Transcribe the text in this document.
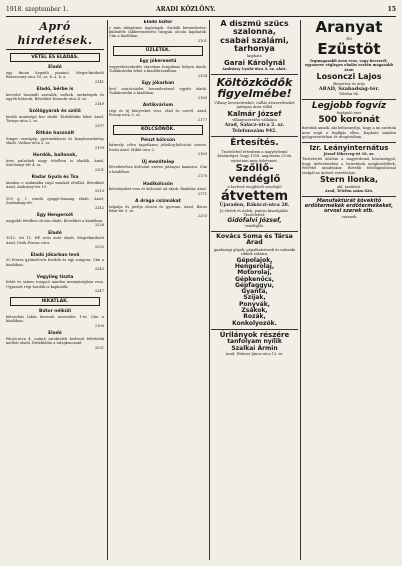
1918. szeptember 1.	ARADI KÖZLÖNY.	15
Apró hirdetések.
VÉTEL ÉS ELADÁS.
Eladó

egy finom hegedű pianinó. Megte-kinthető Brasscrony-utca 10. sz. 4. a. h. a.

2141

Eladó, bérbe is

kevésbé használt asztalok, székek, szekrények és egyéb bútorok. Bővebbet Kossuth-utca 4. sz.

2149

Szőlőgyárak és szőlő

kiváló minőségű bor eladó. Érdeklődni lehet Arad, Tornya-utca 2. sz.

2197

Ritkán használt

Singer varrógép, gyermekkocsi és konyhaszekrény eladó. Vadász-utca 2. sz.

2199

Hordók, ballonok,

üres palackok nagy tételben is eladók. Arad, Széchenyi-tér 4. sz.

2201

Radar Gyula és Tsa

minden e szakmába vágó munkát elvállal. Bővebbet Arad, Andrássy-tér 19.

2213

200 q. I. rendű gyapjú-lenmag eladó. Arad, Szabadság-tér.

2242

Egy Hengersót

nagyobb tételben olcsón eladó. Bővebbet a kiadóban.

2228

Eladó

1912. évi 11. HP. erős autó eladó. Megtekinthető Arad, Deák Ferenc-utca.

2250

Eladó jókarban levő

50 literes gyümölcsös hordók és egy zongora. Cím a kiadóban.

2243

Vegyileg tiszta

fehér és színes rongyot minden mennyiségben vesz. Ugyanott régi hordók is kaphatók.

2247

IKKATLAK.
Bútor nélküli

kétszobás lakás keresek november 1-re. Cím a kiadóban.

2100

Eladó

Fácán-utca 4. számú saroktelek kedvező feltételek mellett eladó. Érdeklődni a tulajdonosnál.

2031

Eladó bútor

s más ideiglenes ingóságok. Szobák berendezése, különféle lakberendezési tárgyak olcsón kaphatók. Cím a kiadóban.

2101

ÜZLETEK.
Egy jókeresetű

vegyeskereskedés városban forgalmas helyen átadó. Tudakozódni lehet a kiadóhivatalban.

2154

Egy jókarban

levő szatócsüzlet berendezéssel együtt eladó. Tudakozódni a kiadóban.

2160

Antikvárium

régi és új könyveket vesz, elad és cserél. Arad, Forray-utca 5. sz.

2177

KÖLCSÖNÖK.
Pénzt kölcsön

bármely célra ingatlanra jelzálog-kölcsönt szerez. Iroda Arad, Mikló-utca 2.

2169

Új mezőtelep

létesítéséhez kölcsönt szerez jutányos kamatra. Cím a kiadóban.

2170

Hadikölcsön

kötvényeket vesz és kölcsönt ad rájuk. Bankház Arad.

2171

A drága csizmákat

talpalja és javítja olcsón és gyorsan. Arad, Boros Béni-tér 3. sz.

2253

A díszmű szűcs
szalonna,
csabai szalámi,
tarhonya
kapható
Garai Károlynál
Andrássy Gyula-utca 4. sz. alatt.
Költözködők
figyelmébe!

Villany bevezetéseket, csillár átszereléseket jutányos áron vállal

Kalmár József
villanyszerelési vállalata
Arad, Salacz-utca 2. sz.
Telefonszám 942.
Értesítés.

Tisztelettel értesítem a nagyérdemű közönséget, hogy 1918. augusztus 25-én nyitottam meg üzletemet.

Szőllő-vendéglő
a kertnek megfelelő vendéglő
átvettem
Újaradon, Rákóczi-utca 28.
Jó ételek és italok, pontos kiszolgálás.
Tisztelettel:
Gidófalvi József,
vendéglős.
Kovács Soma és Társa Arad

gazdasági gépek, gépalkatrészek és műszaki cikkek raktára.

Gépolajok,
Hengerolaj,
Motorolaj,
Gépkenőcs,
Gépfaggyu,
Gyanta,
Szijak,
Ponyvák,
Zsákok,
Rozák,
Konkolyozók.
Úrilányok részére
tanfolyam nyílik
Szalkai Ármin
Arad, Weitzer János-utca 13. sz.
Aranyat
és
Ezüstöt

legmagasabb áron vesz, vagy becserél, egyszerre végleges eladás esetén magasabb áron

Losonczi Lajos
ékszerész és órás
ARAD, Szabadság-tér.
Telefon 86.
Legjobb fogvíz
fogápoló szer
500 koronát

fizetünk annak, aki bebizonyítja, hogy a mi szerünk nem segít a fogfájás ellen. Kapható minden gyógyszertárban és drogériában.

Izr. Leányinternátus
József főherceg-út 18. sz.

Tisztelettel közlöm a nagyérdemű közönséggel, hogy intézetemben a beiratások megkezdődtek. Felvétel mindenkor. Bővebb felvilágosítással szolgál az intézet vezetősége.

Stern Ilonka,
okl. tanítónő.
Arad, Telefon szám 826.
Manufaktúrát kövekitő erdőtermékek erdőtermékeket, orvosi szerek stb.
vesznek
